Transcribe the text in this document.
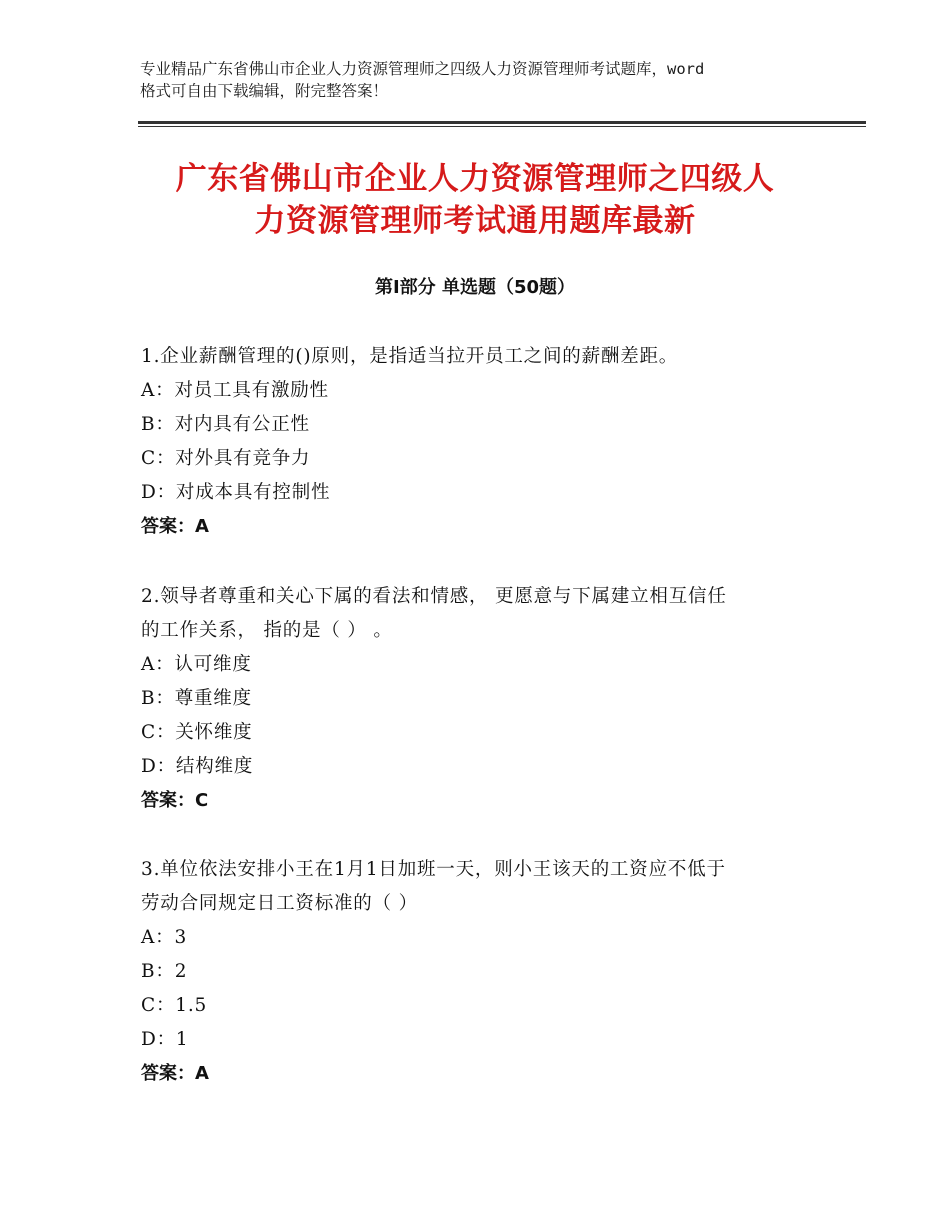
专业精品广东省佛山市企业人力资源管理师之四级人力资源管理师考试题库，word
格式可自由下载编辑，附完整答案！
广东省佛山市企业人力资源管理师之四级人
力资源管理师考试通用题库最新
第Ⅰ部分 单选题（50题）

1.企业薪酬管理的()原则，是指适当拉开员工之间的薪酬差距。

A：对员工具有激励性

B：对内具有公正性

C：对外具有竞争力

D：对成本具有控制性

答案：A

2.领导者尊重和关心下属的看法和情感， 更愿意与下属建立相互信任

的工作关系， 指的是（ ） 。

A：认可维度

B：尊重维度

C：关怀维度

D：结构维度

答案：C

3.单位依法安排小王在1月1日加班一天，则小王该天的工资应不低于

劳动合同规定日工资标准的（ ）

A：3

B：2

C：1.5

D：1

答案：A
